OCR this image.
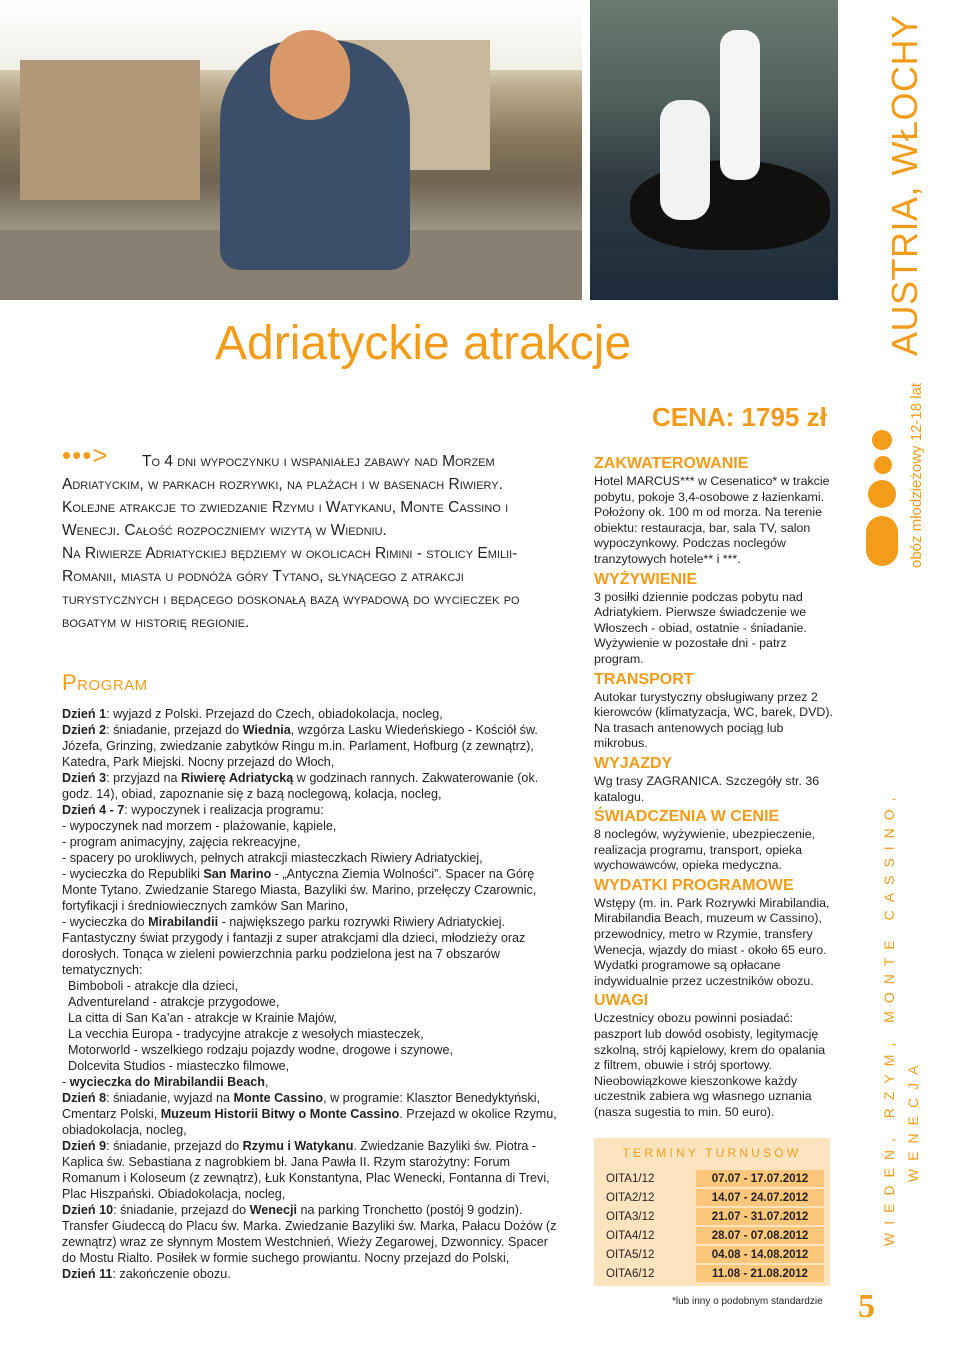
Adriatyckie atrakcje
CENA: 1795 zł
•••>	To 4 dni wypoczynku i wspaniałej zabawy nad Morzem Adriatyckim, w parkach rozrywki, na plażach i w basenach Riwiery. Kolejne atrakcje to zwiedzanie Rzymu i Watykanu, Monte Cassino i Wenecji. Całość rozpoczniemy wizytą w Wiedniu.

Na Riwierze Adriatyckiej będziemy w okolicach Rimini - stolicy Emilii-Romanii, miasta u podnóża góry Tytano, słynącego z atrakcji turystycznych i będącego doskonałą bazą wypadową do wycieczek po bogatym w historię regionie.

Program
Dzień 1: wyjazd z Polski. Przejazd do Czech, obiadokolacja, nocleg,
Dzień 2: śniadanie, przejazd do Wiednia, wzgórza Lasku Wiedeńskiego - Kościół św. Józefa, Grinzing, zwiedzanie zabytków Ringu m.in. Parlament, Hofburg (z zewnątrz), Katedra, Park Miejski. Nocny przejazd do Włoch,
Dzień 3: przyjazd na Riwierę Adriatycką w godzinach rannych. Zakwaterowanie (ok. godz. 14), obiad, zapoznanie się z bazą noclegową, kolacja, nocleg,
Dzień 4 - 7: wypoczynek i realizacja programu:
- wypoczynek nad morzem - plażowanie, kąpiele,
- program animacyjny, zajęcia rekreacyjne,
- spacery po urokliwych, pełnych atrakcji miasteczkach Riwiery Adriatyckiej,
- wycieczka do Republiki San Marino - „Antyczna Ziemia Wolności”. Spacer na Górę Monte Tytano. Zwiedzanie Starego Miasta, Bazyliki św. Marino, przełęczy Czarownic, fortyfikacji i średniowiecznych zamków San Marino,
- wycieczka do Mirabilandii - największego parku rozrywki Riwiery Adriatyckiej. Fantastyczny świat przygody i fantazji z super atrakcjami dla dzieci, młodzieży oraz dorosłych. Tonąca w zieleni powierzchnia parku podzielona jest na 7 obszarów tematycznych:
Bimboboli - atrakcje dla dzieci,
Adventureland - atrakcje przygodowe,
La citta di San Ka’an - atrakcje w Krainie Majów,
La vecchia Europa - tradycyjne atrakcje z wesołych miasteczek,
Motorworld - wszelkiego rodzaju pojazdy wodne, drogowe i szynowe,
Dolcevita Studios - miasteczko filmowe,
- wycieczka do Mirabilandii Beach,
Dzień 8: śniadanie, wyjazd na Monte Cassino, w programie: Klasztor Benedyktyński, Cmentarz Polski, Muzeum Historii Bitwy o Monte Cassino. Przejazd w okolice Rzymu, obiadokolacja, nocleg,
Dzień 9: śniadanie, przejazd do Rzymu i Watykanu. Zwiedzanie Bazyliki św. Piotra - Kaplica św. Sebastiana z nagrobkiem bł. Jana Pawła II. Rzym starożytny: Forum Romanum i Koloseum (z zewnątrz), Łuk Konstantyna, Plac Wenecki, Fontanna di Trevi, Plac Hiszpański. Obiadokolacja, nocleg,
Dzień 10: śniadanie, przejazd do Wenecji na parking Tronchetto (postój 9 godzin). Transfer Giudeccą do Placu św. Marka. Zwiedzanie Bazyliki św. Marka, Pałacu Dożów (z zewnątrz) wraz ze słynnym Mostem Westchnień, Wieży Zegarowej, Dzwonnicy. Spacer do Mostu Rialto. Posiłek w formie suchego prowiantu. Nocny przejazd do Polski,
Dzień 11: zakończenie obozu.
ZAKWATEROWANIE
Hotel MARCUS*** w Cesenatico* w trakcie pobytu, pokoje 3,4-osobowe z łazienkami. Położony ok. 100 m od morza. Na terenie obiektu: restauracja, bar, sala TV, salon wypoczynkowy. Podczas noclegów tranzytowych hotele** i ***.
WYŻYWIENIE
3 posiłki dziennie podczas pobytu nad Adriatykiem. Pierwsze świadczenie we Włoszech - obiad, ostatnie - śniadanie. Wyżywienie w pozostałe dni - patrz program.
TRANSPORT
Autokar turystyczny obsługiwany przez 2 kierowców (klimatyzacja, WC, barek, DVD). Na trasach antenowych pociąg lub mikrobus.
WYJAZDY
Wg trasy ZAGRANICA. Szczegóły str. 36 katalogu.
ŚWIADCZENIA W CENIE
8 noclegów, wyżywienie, ubezpieczenie, realizacja programu, transport, opieka wychowawców, opieka medyczna.
WYDATKI PROGRAMOWE
Wstępy (m. in. Park Rozrywki Mirabilandia, Mirabilandia Beach, muzeum w Cassino), przewodnicy, metro w Rzymie, transfery Wenecja, wjazdy do miast - około 65 euro. Wydatki programowe są opłacane indywidualnie przez uczestników obozu.
UWAGI
Uczestnicy obozu powinni posiadać: paszport lub dowód osobisty, legitymację szkolną, strój kąpielowy, krem do opalania z filtrem, obuwie i strój sportowy. Nieobowiązkowe kieszonkowe każdy uczestnik zabiera wg własnego uznania (nasza sugestia to min. 50 euro).
TERMINY TURNUSÓW
OITA1/12	07.07 - 17.07.2012
OITA2/12	14.07 - 24.07.2012
OITA3/12	21.07 - 31.07.2012
OITA4/12	28.07 - 07.08.2012
OITA5/12	04.08 - 14.08.2012
OITA6/12	11.08 - 21.08.2012
*lub inny o podobnym standardzie
AUSTRIA, WŁOCHY
obóz młodzieżowy 12-18 lat
WIEDEŃ, RZYM, MONTE CASSINO, WENECJA
5
